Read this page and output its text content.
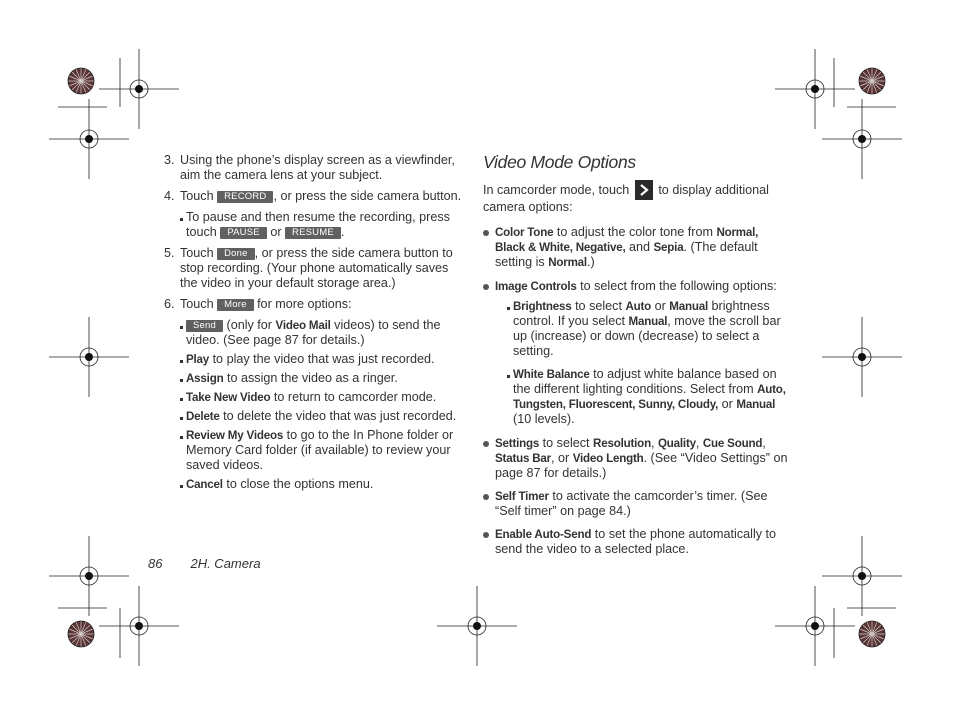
3. Using the phone’s display screen as a viewfinder, aim the camera lens at your subject.
4. Touch RECORD , or press the side camera button.
To pause and then resume the recording, press touch PAUSE or RESUME .
5. Touch Done , or press the side camera button to stop recording. (Your phone automatically saves the video in your default storage area.)
6. Touch More for more options:
Send (only for Video Mail videos) to send the video. (See page 87 for details.)
Play to play the video that was just recorded.
Assign to assign the video as a ringer.
Take New Video to return to camcorder mode.
Delete to delete the video that was just recorded.
Review My Videos to go to the In Phone folder or Memory Card folder (if available) to review your saved videos.
Cancel to close the options menu.
Video Mode Options
In camcorder mode, touch to display additional camera options:
Color Tone to adjust the color tone from Normal, Black & White, Negative, and Sepia. (The default setting is Normal.)
Image Controls to select from the following options:
Brightness to select Auto or Manual brightness control. If you select Manual, move the scroll bar up (increase) or down (decrease) to select a setting.
White Balance to adjust white balance based on the different lighting conditions. Select from Auto, Tungsten, Fluorescent, Sunny, Cloudy, or Manual (10 levels).
Settings to select Resolution, Quality, Cue Sound, Status Bar, or Video Length. (See “Video Settings” on page 87 for details.)
Self Timer to activate the camcorder’s timer. (See “Self timer” on page 84.)
Enable Auto-Send to set the phone automatically to send the video to a selected place.
86 2H. Camera
